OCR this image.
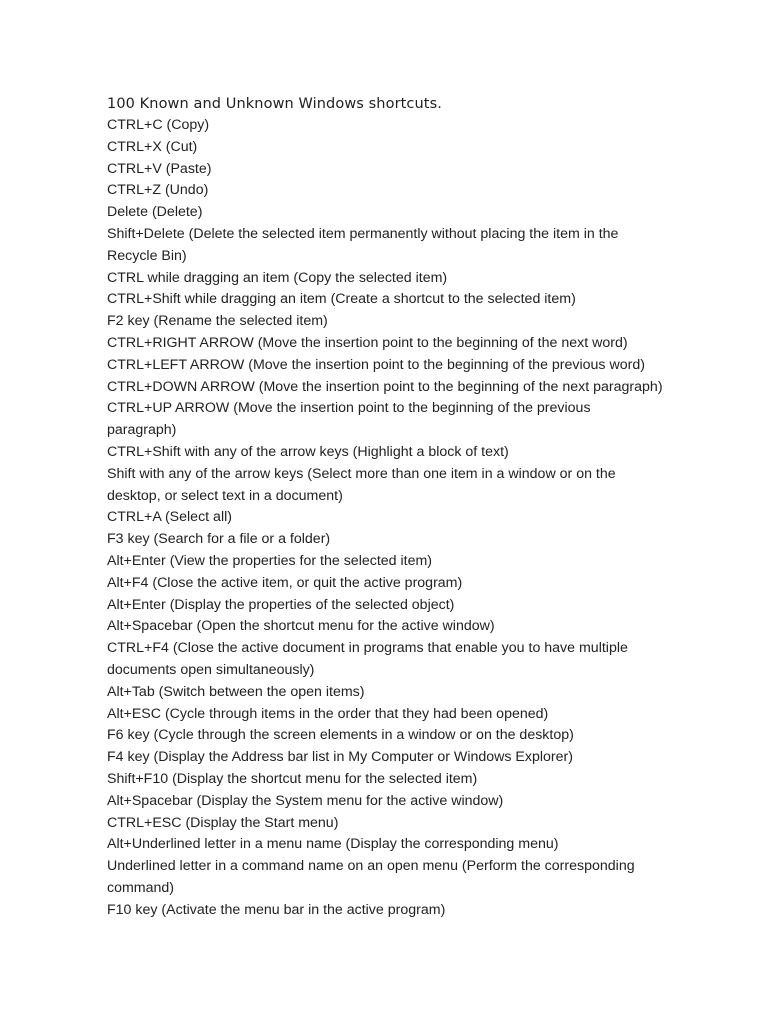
100 Known and Unknown Windows shortcuts.
CTRL+C (Copy)
CTRL+X (Cut)
CTRL+V (Paste)
CTRL+Z (Undo)
Delete (Delete)
Shift+Delete (Delete the selected item permanently without placing the item in the
Recycle Bin)
CTRL while dragging an item (Copy the selected item)
CTRL+Shift while dragging an item (Create a shortcut to the selected item)
F2 key (Rename the selected item)
CTRL+RIGHT ARROW (Move the insertion point to the beginning of the next word)
CTRL+LEFT ARROW (Move the insertion point to the beginning of the previous word)
CTRL+DOWN ARROW (Move the insertion point to the beginning of the next paragraph)
CTRL+UP ARROW (Move the insertion point to the beginning of the previous
paragraph)
CTRL+Shift with any of the arrow keys (Highlight a block of text)
Shift with any of the arrow keys (Select more than one item in a window or on the
desktop, or select text in a document)
CTRL+A (Select all)
F3 key (Search for a file or a folder)
Alt+Enter (View the properties for the selected item)
Alt+F4 (Close the active item, or quit the active program)
Alt+Enter (Display the properties of the selected object)
Alt+Spacebar (Open the shortcut menu for the active window)
CTRL+F4 (Close the active document in programs that enable you to have multiple
documents open simultaneously)
Alt+Tab (Switch between the open items)
Alt+ESC (Cycle through items in the order that they had been opened)
F6 key (Cycle through the screen elements in a window or on the desktop)
F4 key (Display the Address bar list in My Computer or Windows Explorer)
Shift+F10 (Display the shortcut menu for the selected item)
Alt+Spacebar (Display the System menu for the active window)
CTRL+ESC (Display the Start menu)
Alt+Underlined letter in a menu name (Display the corresponding menu)
Underlined letter in a command name on an open menu (Perform the corresponding
command)
F10 key (Activate the menu bar in the active program)
